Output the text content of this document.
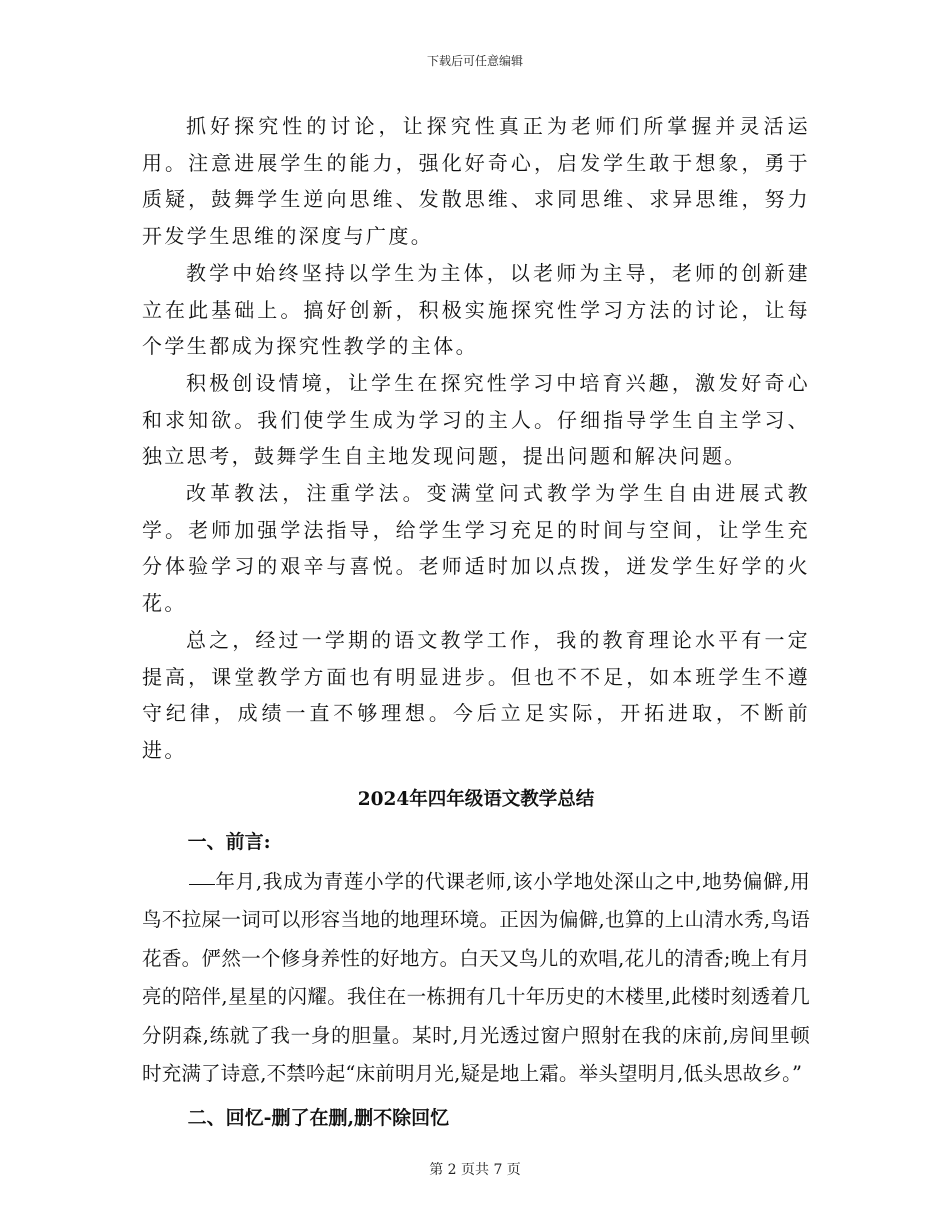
下载后可任意编辑

抓好探究性的讨论，让探究性真正为老师们所掌握并灵活运用。注意进展学生的能力，强化好奇心，启发学生敢于想象，勇于质疑，鼓舞学生逆向思维、发散思维、求同思维、求异思维，努力开发学生思维的深度与广度。

教学中始终坚持以学生为主体，以老师为主导，老师的创新建立在此基础上。搞好创新，积极实施探究性学习方法的讨论，让每个学生都成为探究性教学的主体。

积极创设情境，让学生在探究性学习中培育兴趣，激发好奇心和求知欲。我们使学生成为学习的主人。仔细指导学生自主学习、独立思考，鼓舞学生自主地发现问题，提出问题和解决问题。

改革教法，注重学法。变满堂问式教学为学生自由进展式教学。老师加强学法指导，给学生学习充足的时间与空间，让学生充分体验学习的艰辛与喜悦。老师适时加以点拨，迸发学生好学的火花。

总之，经过一学期的语文教学工作，我的教育理论水平有一定提高，课堂教学方面也有明显进步。但也不不足，如本班学生不遵守纪律，成绩一直不够理想。今后立足实际，开拓进取，不断前进。

2024年四年级语文教学总结
一、前言:

年月,我成为青莲小学的代课老师,该小学地处深山之中,地势偏僻,用鸟不拉屎一词可以形容当地的地理环境。正因为偏僻,也算的上山清水秀,鸟语花香。俨然一个修身养性的好地方。白天又鸟儿的欢唱,花儿的清香;晚上有月亮的陪伴,星星的闪耀。我住在一栋拥有几十年历史的木楼里,此楼时刻透着几分阴森,练就了我一身的胆量。某时,月光透过窗户照射在我的床前,房间里顿时充满了诗意,不禁吟起“床前明月光,疑是地上霜。举头望明月,低头思故乡。”

二、回忆-删了在删,删不除回忆
第 2 页共 7 页
